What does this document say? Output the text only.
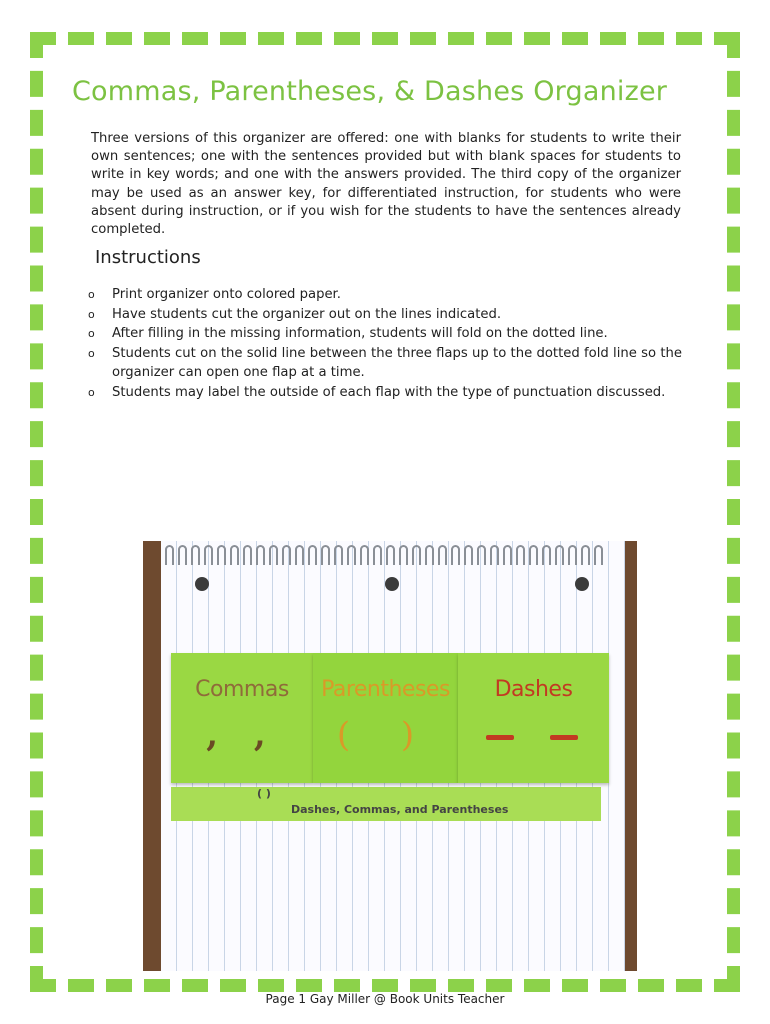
Commas, Parentheses, & Dashes Organizer

Three versions of this organizer are offered: one with blanks for students to write their own sentences; one with the sentences provided but with blank spaces for students to write in key words; and one with the answers provided. The third copy of the organizer may be used as an answer key, for differentiated instruction, for students who were absent during instruction, or if you wish for the students to have the sentences already completed.

Instructions
o Print organizer onto colored paper.
o Have students cut the organizer out on the lines indicated.
o After filling in the missing information, students will fold on the dotted line.
o Students cut on the solid line between the three flaps up to the dotted fold line so the organizer can open one flap at a time.
o Students may label the outside of each flap with the type of punctuation discussed.
( )
Dashes, Commas, and Parentheses
Commas
, ,
Parentheses
( )
Dashes
Page 1 Gay Miller @ Book Units Teacher
